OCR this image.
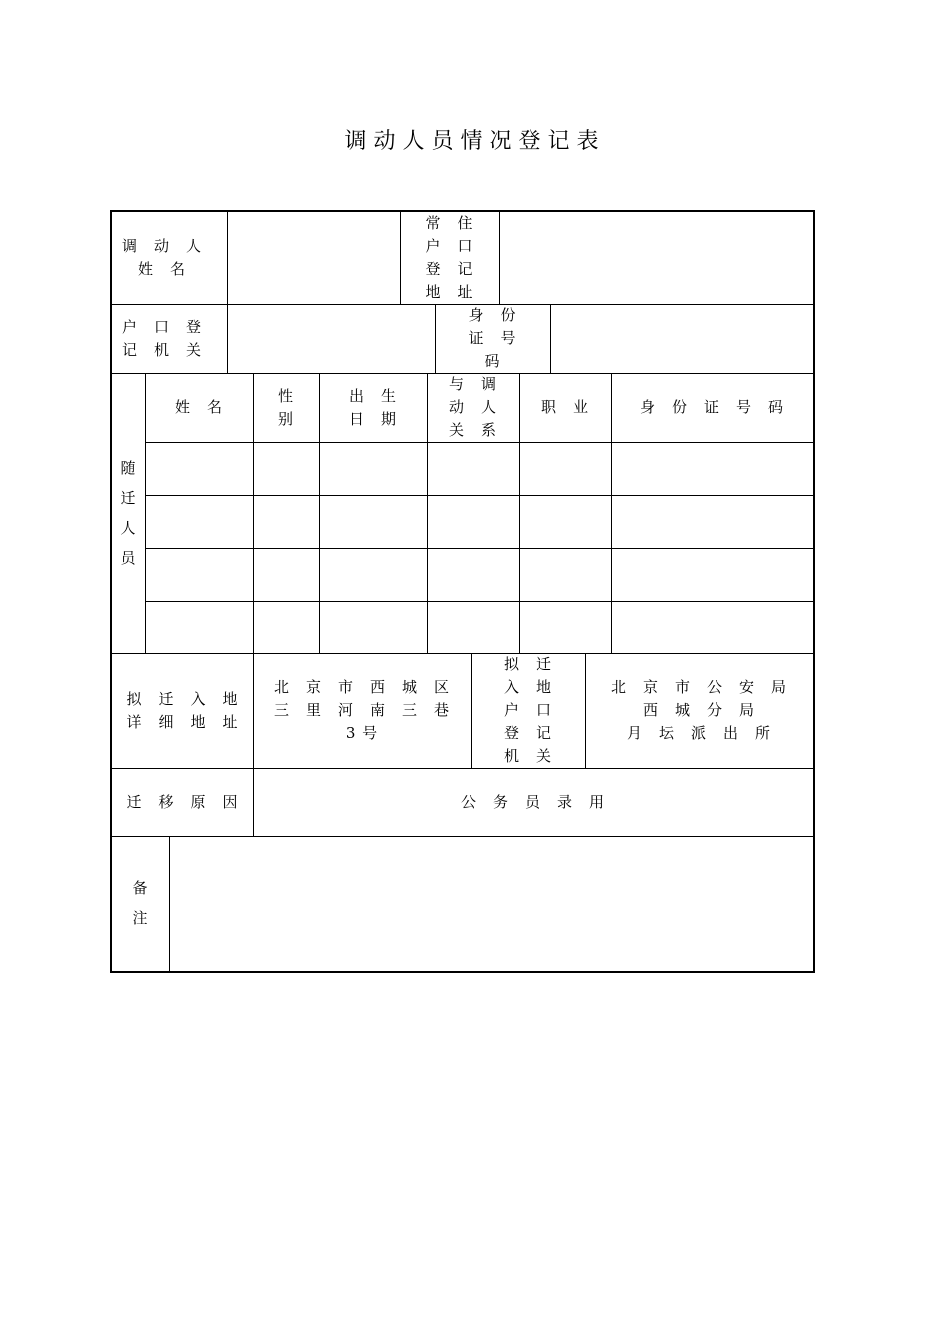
调动人员情况登记表
调　动　人
姓　名
常　住
户　口
登　记
地　址
户　口　登
记　机　关
身　份
证　号
码
随

迁

人

员
姓　名
性
别
出　生
日　期
与　调
动　人
关　系
职　业	身　份　证　号　码
拟　迁　入　地
详　细　地　址
北　京　市　西　城　区
三　里　河　南　三　巷
3 号
拟　迁
入　地
户　口
登　记
机　关
北　京　市　公　安　局
西　城　分　局
月　坛　派　出　所
迁　移　原　因	公　务　员　录　用
备

注
